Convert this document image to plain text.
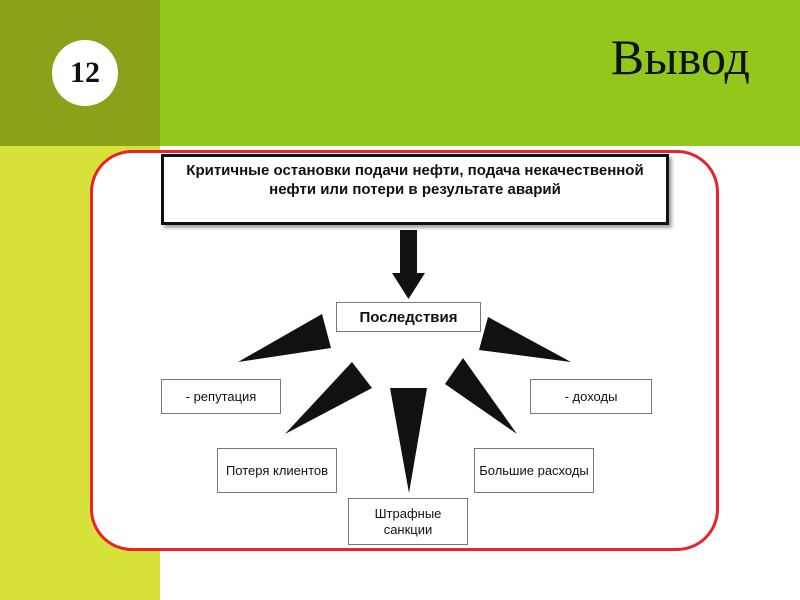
12	Вывод
Критичные остановки подачи нефти, подача некачественной нефти или потери в результате аварий
Последствия
- репутация
Потеря клиентов
Штрафные санкции
Большие расходы
- доходы
